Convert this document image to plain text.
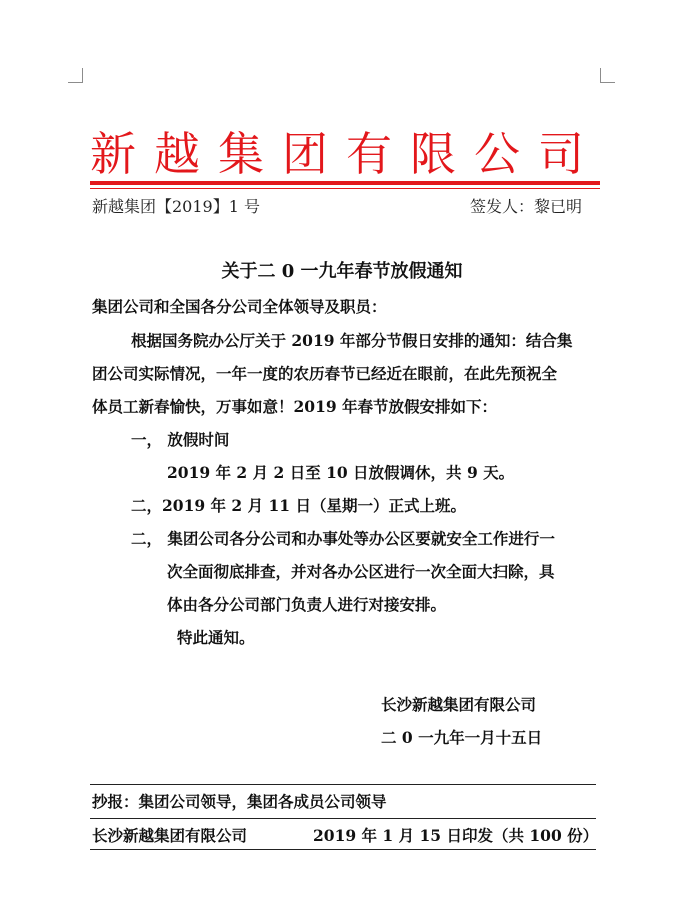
新越集团有限公司
新越集团【2019】1 号	签发人：黎已明
关于二 0 一九年春节放假通知
集团公司和全国各分公司全体领导及职员：
根据国务院办公厅关于 2019 年部分节假日安排的通知：结合集
团公司实际情况，一年一度的农历春节已经近在眼前，在此先预祝全
体员工新春愉快，万事如意！2019 年春节放假安排如下：
一， 放假时间
2019 年 2 月 2 日至 10 日放假调休，共 9 天。
二，2019 年 2 月 11 日（星期一）正式上班。
二， 集团公司各分公司和办事处等办公区要就安全工作进行一
次全面彻底排查，并对各办公区进行一次全面大扫除，具
体由各分公司部门负责人进行对接安排。
特此通知。
长沙新越集团有限公司
二 0 一九年一月十五日
抄报：集团公司领导，集团各成员公司领导
长沙新越集团有限公司	2019 年 1 月 15 日印发（共 100 份）
